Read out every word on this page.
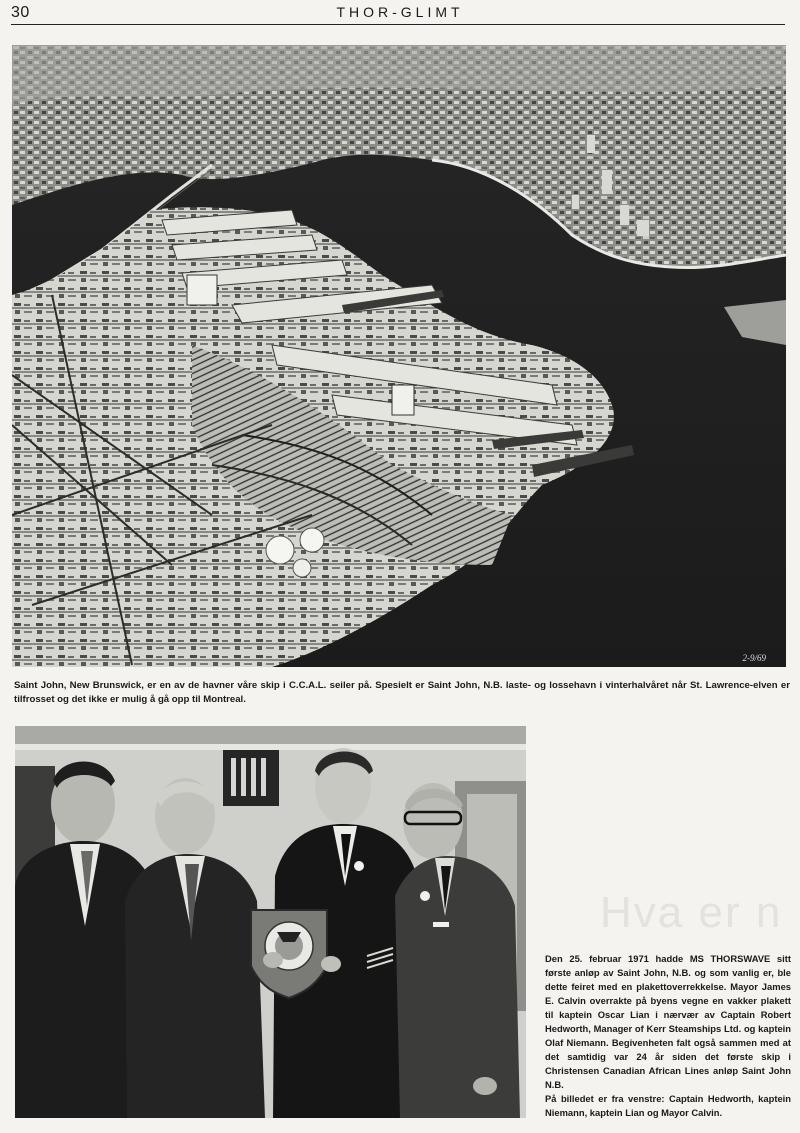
30	THOR-GLIMT
2-9/69

Saint John, New Brunswick, er en av de havner våre skip i C.C.A.L. seiler på. Spesielt er Saint John, N.B. laste- og lossehavn i vinterhalvåret når St. Lawrence-elven er tilfrosset og det ikke er mulig å gå opp til Montreal.

Hva er n
Den 25. februar 1971 hadde MS THORSWAVE sitt første anløp av Saint John, N.B. og som vanlig er, ble dette feiret med en plakettoverrekkelse. Mayor James E. Calvin overrakte på byens vegne en vakker plakett til kaptein Oscar Lian i nærvær av Captain Robert Hedworth, Manager of Kerr Steamships Ltd. og kaptein Olaf Niemann. Begivenheten falt også sammen med at det samtidig var 24 år siden det første skip i Christensen Canadian African Lines anløp Saint John N.B.
På billedet er fra venstre: Captain Hedworth, kaptein Niemann, kaptein Lian og Mayor Calvin.
